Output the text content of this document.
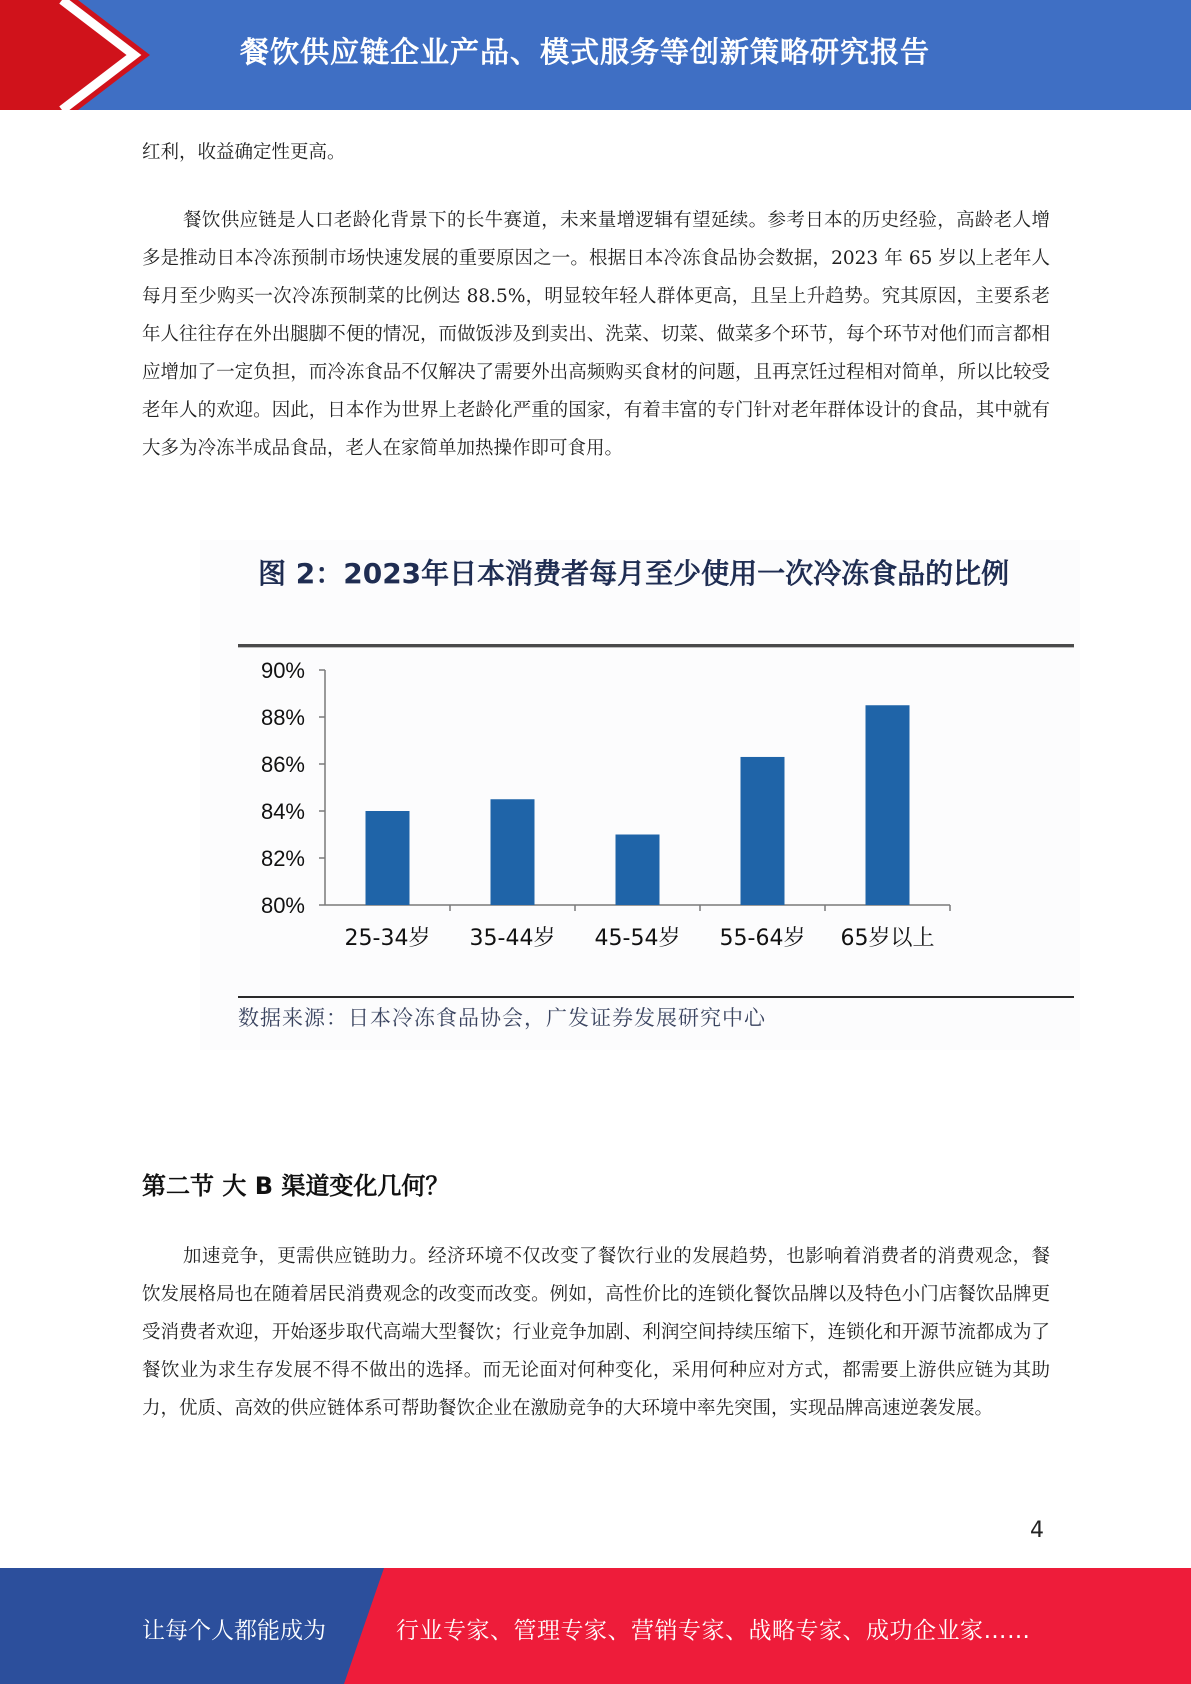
餐饮供应链企业产品、模式服务等创新策略研究报告

红利，收益确定性更高。

餐饮供应链是人口老龄化背景下的长牛赛道，未来量增逻辑有望延续。参考日本的历史经验，高龄老人增多是推动日本冷冻预制市场快速发展的重要原因之一。根据日本冷冻食品协会数据，2023 年 65 岁以上老年人每月至少购买一次冷冻预制菜的比例达 88.5%，明显较年轻人群体更高，且呈上升趋势。究其原因，主要系老年人往往存在外出腿脚不便的情况，而做饭涉及到卖出、洗菜、切菜、做菜多个环节，每个环节对他们而言都相应增加了一定负担，而冷冻食品不仅解决了需要外出高频购买食材的问题，且再烹饪过程相对简单，所以比较受老年人的欢迎。因此，日本作为世界上老龄化严重的国家，有着丰富的专门针对老年群体设计的食品，其中就有大多为冷冻半成品食品，老人在家简单加热操作即可食用。

图 2：2023年日本消费者每月至少使用一次冷冻食品的比例
80%
82%
84%
86%
88%
90%
25-34岁 35-44岁 45-54岁 55-64岁 65岁以上
数据来源：日本冷冻食品协会，广发证券发展研究中心
第二节 大 B 渠道变化几何？

加速竞争，更需供应链助力。经济环境不仅改变了餐饮行业的发展趋势，也影响着消费者的消费观念，餐饮发展格局也在随着居民消费观念的改变而改变。例如，高性价比的连锁化餐饮品牌以及特色小门店餐饮品牌更受消费者欢迎，开始逐步取代高端大型餐饮；行业竞争加剧、利润空间持续压缩下，连锁化和开源节流都成为了餐饮业为求生存发展不得不做出的选择。而无论面对何种变化，采用何种应对方式，都需要上游供应链为其助力，优质、高效的供应链体系可帮助餐饮企业在激励竞争的大环境中率先突围，实现品牌高速逆袭发展。

4
让每个人都能成为	行业专家、管理专家、营销专家、战略专家、成功企业家……
